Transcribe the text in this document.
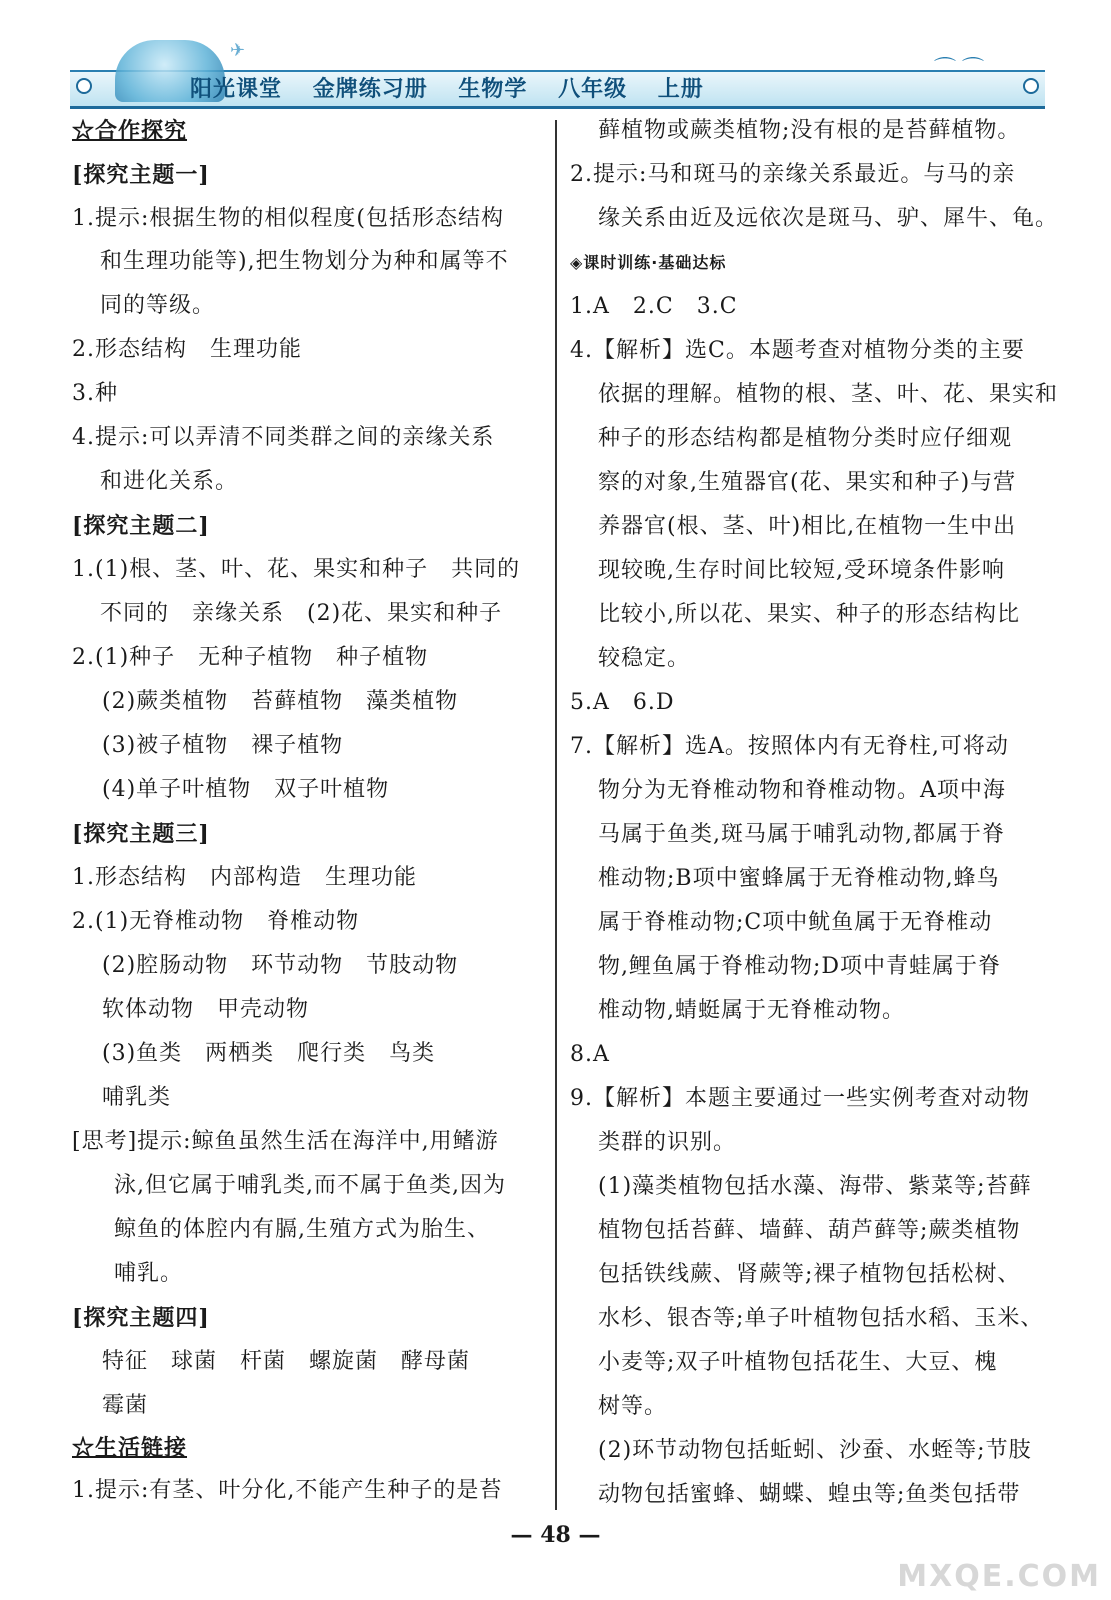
✈
阳光课堂 金牌练习册 生物学 八年级 上册
⌒⌒
☆合作探究
[探究主题一]
1.提示:根据生物的相似程度(包括形态结构
和生理功能等),把生物划分为种和属等不
同的等级。
2.形态结构　生理功能
3.种
4.提示:可以弄清不同类群之间的亲缘关系
和进化关系。
[探究主题二]
1.(1)根、茎、叶、花、果实和种子　共同的
不同的　亲缘关系　(2)花、果实和种子
2.(1)种子　无种子植物　种子植物
(2)蕨类植物　苔藓植物　藻类植物
(3)被子植物　裸子植物
(4)单子叶植物　双子叶植物
[探究主题三]
1.形态结构　内部构造　生理功能
2.(1)无脊椎动物　脊椎动物
(2)腔肠动物　环节动物　节肢动物
软体动物　甲壳动物
(3)鱼类　两栖类　爬行类　鸟类
哺乳类
[思考]提示:鲸鱼虽然生活在海洋中,用鳍游
泳,但它属于哺乳类,而不属于鱼类,因为
鲸鱼的体腔内有膈,生殖方式为胎生、
哺乳。
[探究主题四]
特征　球菌　杆菌　螺旋菌　酵母菌
霉菌
☆生活链接
1.提示:有茎、叶分化,不能产生种子的是苔
藓植物或蕨类植物;没有根的是苔藓植物。
2.提示:马和斑马的亲缘关系最近。与马的亲
缘关系由近及远依次是斑马、驴、犀牛、龟。
◈课时训练·基础达标
1.A　2.C　3.C
4.【解析】选C。本题考查对植物分类的主要
依据的理解。植物的根、茎、叶、花、果实和
种子的形态结构都是植物分类时应仔细观
察的对象,生殖器官(花、果实和种子)与营
养器官(根、茎、叶)相比,在植物一生中出
现较晚,生存时间比较短,受环境条件影响
比较小,所以花、果实、种子的形态结构比
较稳定。
5.A　6.D
7.【解析】选A。按照体内有无脊柱,可将动
物分为无脊椎动物和脊椎动物。A项中海
马属于鱼类,斑马属于哺乳动物,都属于脊
椎动物;B项中蜜蜂属于无脊椎动物,蜂鸟
属于脊椎动物;C项中鱿鱼属于无脊椎动
物,鲤鱼属于脊椎动物;D项中青蛙属于脊
椎动物,蜻蜓属于无脊椎动物。
8.A
9.【解析】本题主要通过一些实例考查对动物
类群的识别。
(1)藻类植物包括水藻、海带、紫菜等;苔藓
植物包括苔藓、墙藓、葫芦藓等;蕨类植物
包括铁线蕨、肾蕨等;裸子植物包括松树、
水杉、银杏等;单子叶植物包括水稻、玉米、
小麦等;双子叶植物包括花生、大豆、槐
树等。
(2)环节动物包括蚯蚓、沙蚕、水蛭等;节肢
动物包括蜜蜂、蝴蝶、蝗虫等;鱼类包括带
— 48 —
MXQE.COM
